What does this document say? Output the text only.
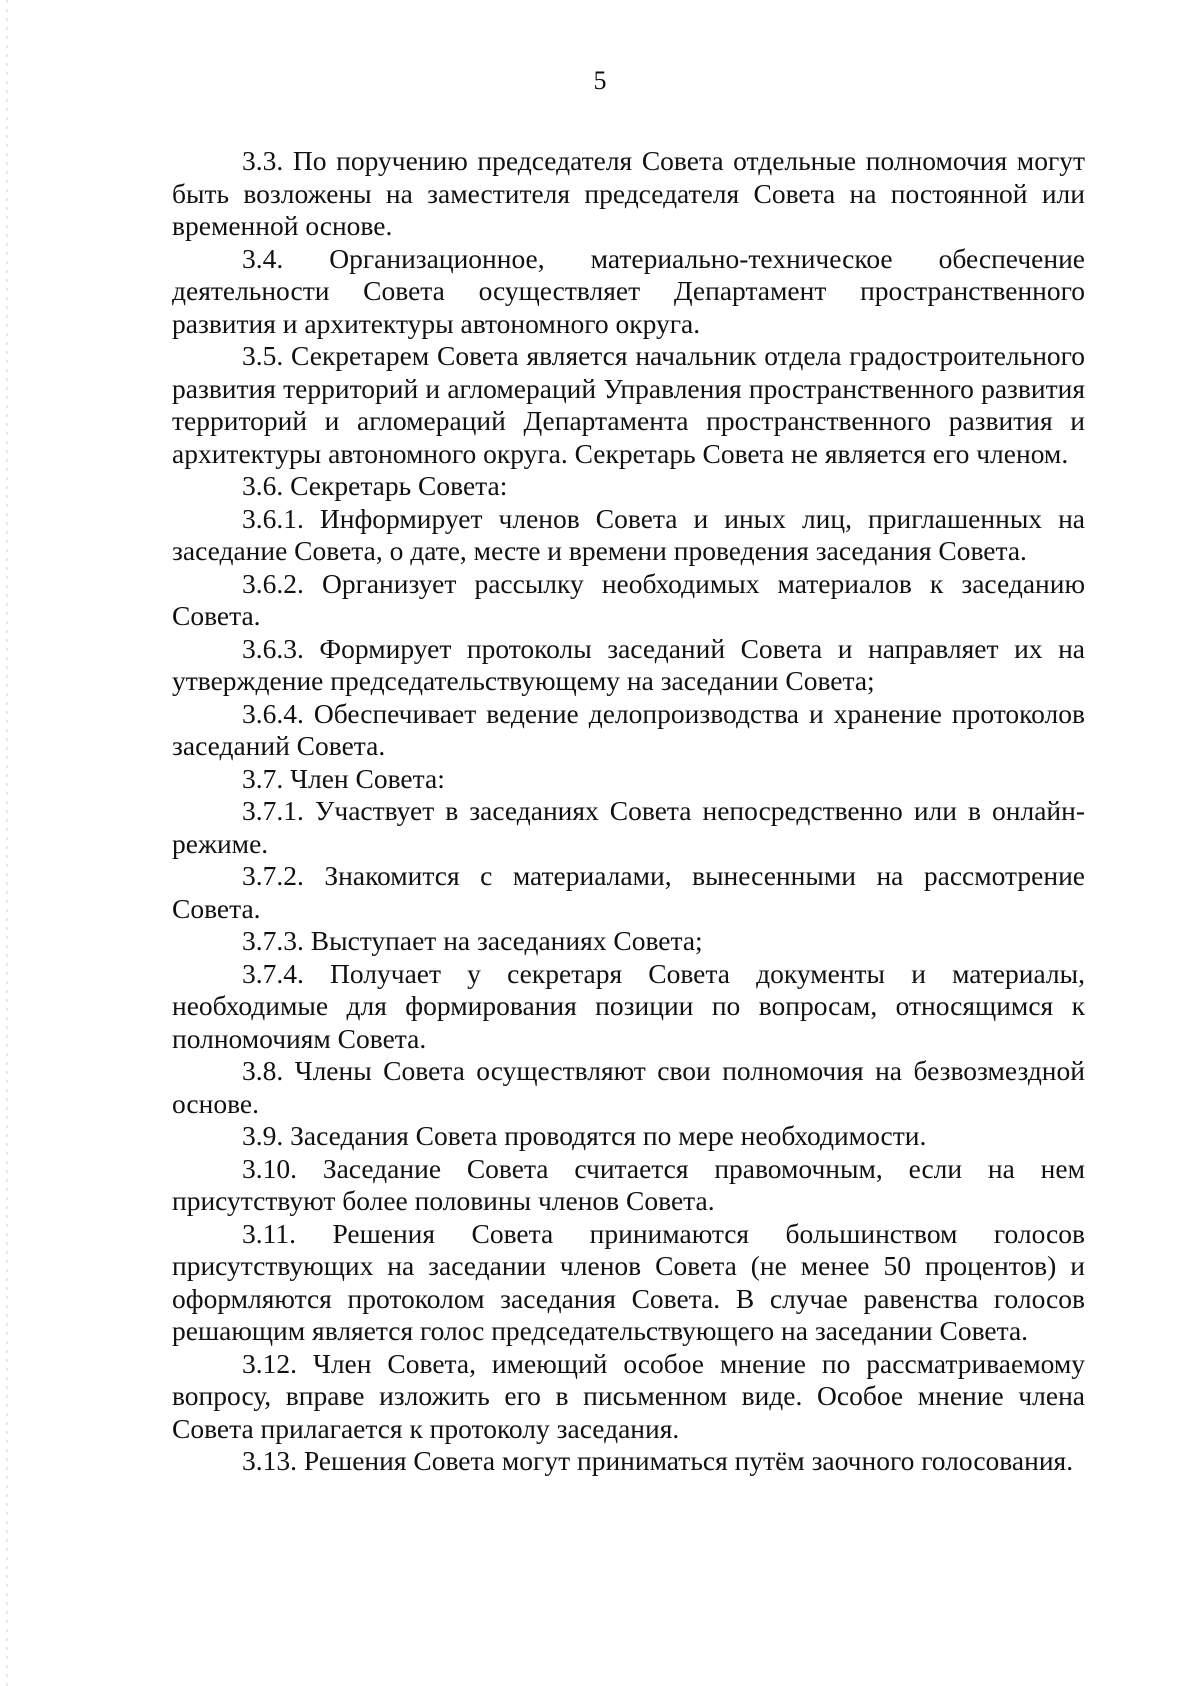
5

3.3. По поручению председателя Совета отдельные полномочия могут быть возложены на заместителя председателя Совета на постоянной или временной основе.

3.4. Организационное, материально-техническое обеспечение деятельности Совета осуществляет Департамент пространственного развития и архитектуры автономного округа.

3.5. Секретарем Совета является начальник отдела градостроительного развития территорий и агломераций Управления пространственного развития территорий и агломераций Департамента пространственного развития и архитектуры автономного округа. Секретарь Совета не является его членом.

3.6. Секретарь Совета:

3.6.1. Информирует членов Совета и иных лиц, приглашенных на заседание Совета, о дате, месте и времени проведения заседания Совета.

3.6.2. Организует рассылку необходимых материалов к заседанию Совета.

3.6.3. Формирует протоколы заседаний Совета и направляет их на утверждение председательствующему на заседании Совета;

3.6.4. Обеспечивает ведение делопроизводства и хранение протоколов заседаний Совета.

3.7. Член Совета:

3.7.1. Участвует в заседаниях Совета непосредственно или в онлайн-режиме.

3.7.2. Знакомится с материалами, вынесенными на рассмотрение Совета.

3.7.3. Выступает на заседаниях Совета;

3.7.4. Получает у секретаря Совета документы и материалы, необходимые для формирования позиции по вопросам, относящимся к полномочиям Совета.

3.8. Члены Совета осуществляют свои полномочия на безвозмездной основе.

3.9. Заседания Совета проводятся по мере необходимости.

3.10. Заседание Совета считается правомочным, если на нем присутствуют более половины членов Совета.

3.11. Решения Совета принимаются большинством голосов присутствующих на заседании членов Совета (не менее 50 процентов) и оформляются протоколом заседания Совета. В случае равенства голосов решающим является голос председательствующего на заседании Совета.

3.12. Член Совета, имеющий особое мнение по рассматриваемому вопросу, вправе изложить его в письменном виде. Особое мнение члена Совета прилагается к протоколу заседания.

3.13. Решения Совета могут приниматься путём заочного голосования.
